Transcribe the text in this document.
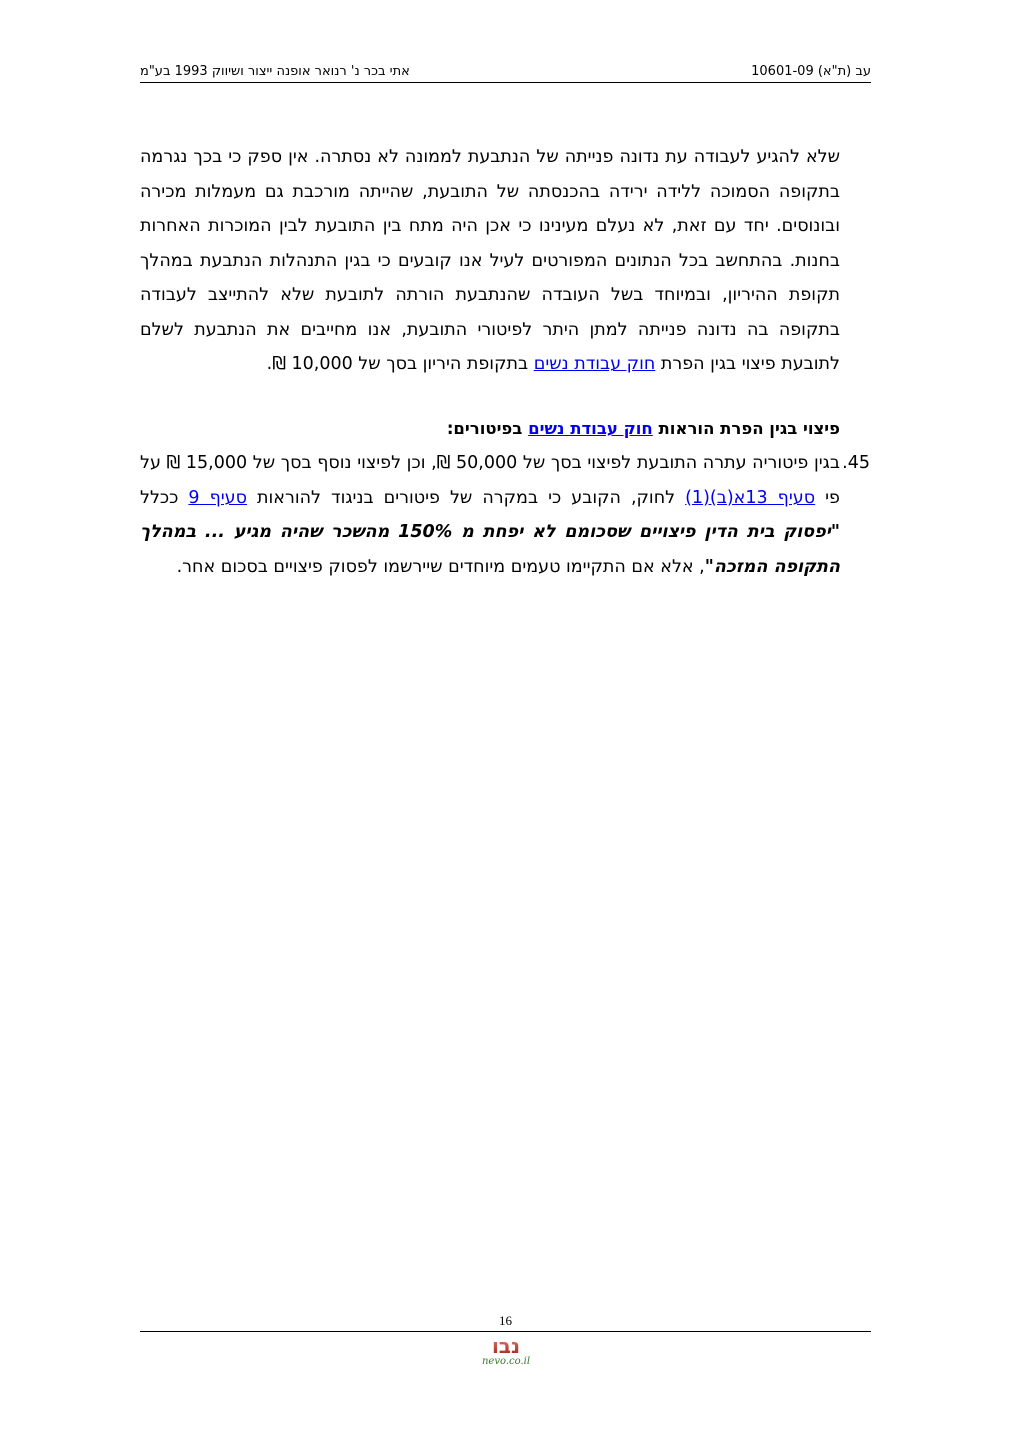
עב (ת"א) 10601-09
אתי בכר נ' רנואר אופנה ייצור ושיווק 1993 בע"מ

שלא להגיע לעבודה עת נדונה פנייתה של הנתבעת לממונה לא נסתרה. אין ספק כי בכך נגרמה בתקופה הסמוכה ללידה ירידה בהכנסתה של התובעת, שהייתה מורכבת גם מעמלות מכירה ובונוסים. יחד עם זאת, לא נעלם מעינינו כי אכן היה מתח בין התובעת לבין המוכרות האחרות בחנות. בהתחשב בכל הנתונים המפורטים לעיל אנו קובעים כי בגין התנהלות הנתבעת במהלך תקופת ההיריון, ובמיוחד בשל העובדה שהנתבעת הורתה לתובעת שלא להתייצב לעבודה בתקופה בה נדונה פנייתה למתן היתר לפיטורי התובעת, אנו מחייבים את הנתבעת לשלם לתובעת פיצוי בגין הפרת חוק עבודת נשים בתקופת היריון בסך של 10,000 ₪.

פיצוי בגין הפרת הוראות חוק עבודת נשים בפיטורים:

45.
בגין פיטוריה עתרה התובעת לפיצוי בסך של 50,000 ₪, וכן לפיצוי נוסף בסך של 15,000 ₪ על פי סעיף 13א(ב)(1) לחוק, הקובע כי במקרה של פיטורים בניגוד להוראות סעיף 9 ככלל "יפסוק בית הדין פיצויים שסכומם לא יפחת מ 150% מהשכר שהיה מגיע ... במהלך התקופה המזכה", אלא אם התקיימו טעמים מיוחדים שיירשמו לפסוק פיצויים בסכום אחר.

16
נבו
nevo.co.il
